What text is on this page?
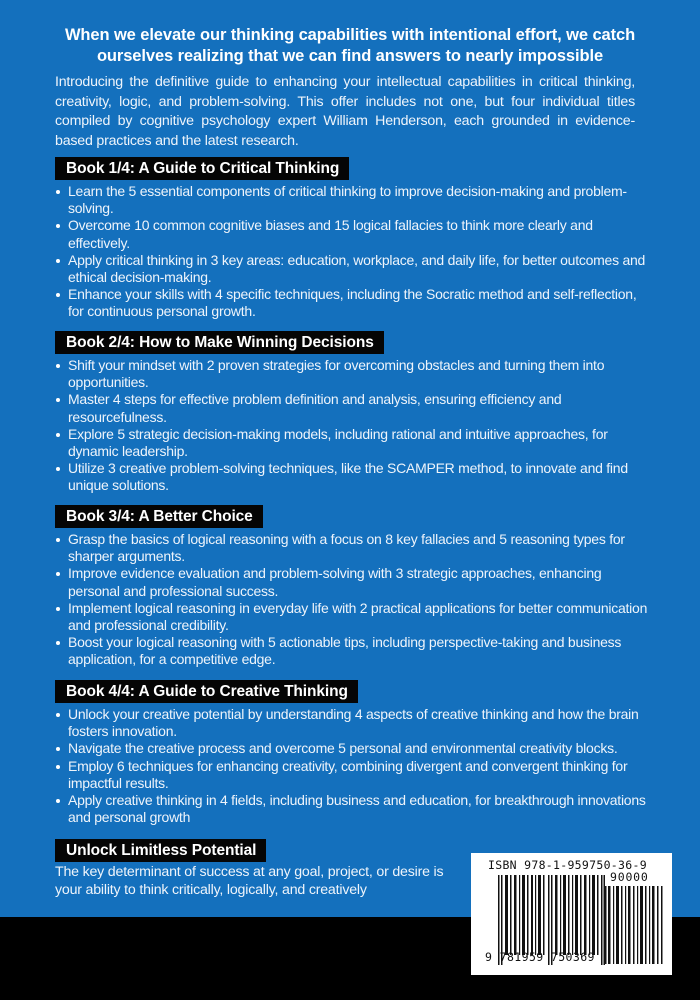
When we elevate our thinking capabilities with intentional effort, we catch ourselves realizing that we can find answers to nearly impossible
Introducing the definitive guide to enhancing your intellectual capabilities in critical thinking, creativity, logic, and problem-solving. This offer includes not one, but four individual titles compiled by cognitive psychology expert William Henderson, each grounded in evidence-based practices and the latest research.
Book 1/4: A Guide to Critical Thinking
Learn the 5 essential components of critical thinking to improve decision-making and problem-solving.
Overcome 10 common cognitive biases and 15 logical fallacies to think more clearly and effectively.
Apply critical thinking in 3 key areas: education, workplace, and daily life, for better outcomes and ethical decision-making.
Enhance your skills with 4 specific techniques, including the Socratic method and self-reflection, for continuous personal growth.
Book 2/4: How to Make Winning Decisions
Shift your mindset with 2 proven strategies for overcoming obstacles and turning them into opportunities.
Master 4 steps for effective problem definition and analysis, ensuring efficiency and resourcefulness.
Explore 5 strategic decision-making models, including rational and intuitive approaches, for dynamic leadership.
Utilize 3 creative problem-solving techniques, like the SCAMPER method, to innovate and find unique solutions.
Book 3/4: A Better Choice
Grasp the basics of logical reasoning with a focus on 8 key fallacies and 5 reasoning types for sharper arguments.
Improve evidence evaluation and problem-solving with 3 strategic approaches, enhancing personal and professional success.
Implement logical reasoning in everyday life with 2 practical applications for better communication and professional credibility.
Boost your logical reasoning with 5 actionable tips, including perspective-taking and business application, for a competitive edge.
Book 4/4: A Guide to Creative Thinking
Unlock your creative potential by understanding 4 aspects of creative thinking and how the brain fosters innovation.
Navigate the creative process and overcome 5 personal and environmental creativity blocks.
Employ 6 techniques for enhancing creativity, combining divergent and convergent thinking for impactful results.
Apply creative thinking in 4 fields, including business and education, for breakthrough innovations and personal growth
Unlock Limitless Potential
The key determinant of success at any goal, project, or desire is your ability to think critically, logically, and creatively
ISBN 978-1-959750-36-9
90000
9 781959 750369
